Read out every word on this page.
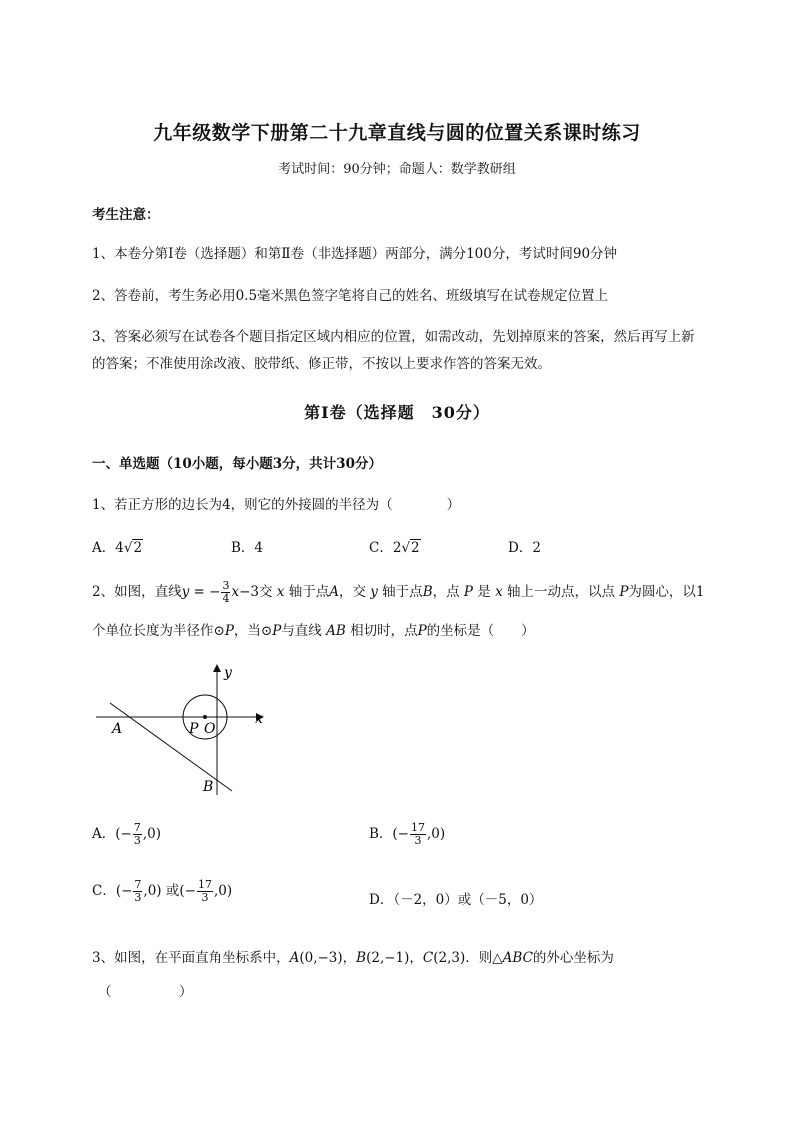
九年级数学下册第二十九章直线与圆的位置关系课时练习
考试时间：90分钟；命题人：数学教研组
考生注意：
1、本卷分第I卷（选择题）和第Ⅱ卷（非选择题）两部分，满分100分，考试时间90分钟
2、答卷前，考生务必用0.5毫米黑色签字笔将自己的姓名、班级填写在试卷规定位置上
3、答案必须写在试卷各个题目指定区域内相应的位置，如需改动，先划掉原来的答案，然后再写上新
的答案；不准使用涂改液、胶带纸、修正带，不按以上要求作答的答案无效。
第I卷（选择题　30分）
一、单选题（10小题，每小题3分，共计30分）
1、若正方形的边长为4，则它的外接圆的半径为（　　　　）
A．4√2	B．4	C．2√2	D．2
2、如图，直线y = − $\frac{3}{4} x-3$交 x 轴于点A，交 y 轴于点B，点 P 是 x 轴上一动点，以点 P为圆心，以1
个单位长度为半径作⊙P，当⊙P与直线 AB 相切时，点P的坐标是（　　）
y
x
A
B
P O
A．(− $\frac{7}{3} ,0$)	B．(− $\frac{17}{3} ,0$)
C．(− $\frac{7}{3} ,0$) 或(− $\frac{17}{3} ,0$)
D．（－2，0）或（－5，0）
3、如图，在平面直角坐标系中，A(0,−3)，B(2,−1)，C(2,3)．则△ABC的外心坐标为
（　　　　　）
